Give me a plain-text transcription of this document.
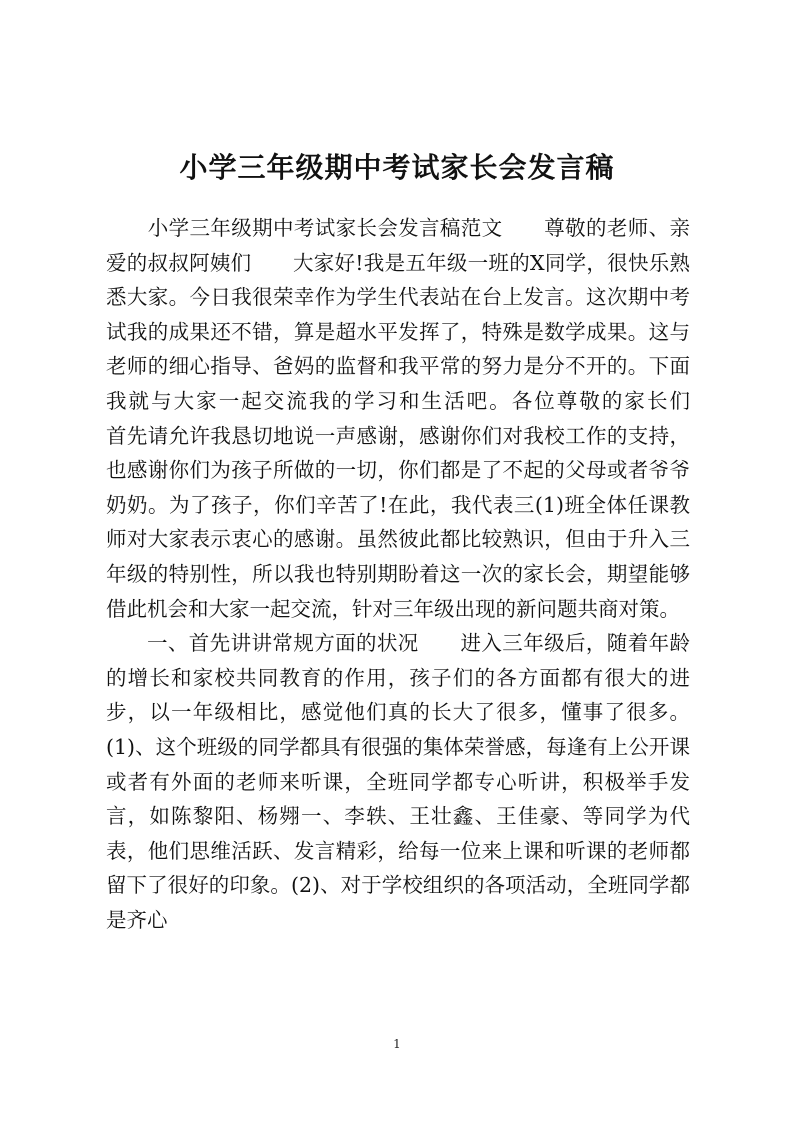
小学三年级期中考试家长会发言稿

　　小学三年级期中考试家长会发言稿范文　　尊敬的老师、亲爱的叔叔阿姨们　　大家好!我是五年级一班的X同学，很快乐熟悉大家。今日我很荣幸作为学生代表站在台上发言。这次期中考试我的成果还不错，算是超水平发挥了，特殊是数学成果。这与老师的细心指导、爸妈的监督和我平常的努力是分不开的。下面我就与大家一起交流我的学习和生活吧。各位尊敬的家长们　　首先请允许我恳切地说一声感谢，感谢你们对我校工作的支持，也感谢你们为孩子所做的一切，你们都是了不起的父母或者爷爷奶奶。为了孩子，你们辛苦了!在此，我代表三(1)班全体任课教师对大家表示衷心的感谢。虽然彼此都比较熟识，但由于升入三年级的特别性，所以我也特别期盼着这一次的家长会，期望能够借此机会和大家一起交流，针对三年级出现的新问题共商对策。

一、首先讲讲常规方面的状况　　进入三年级后，随着年龄的增长和家校共同教育的作用，孩子们的各方面都有很大的进步，以一年级相比，感觉他们真的长大了很多，懂事了很多。(1)、这个班级的同学都具有很强的集体荣誉感，每逢有上公开课或者有外面的老师来听课，全班同学都专心听讲，积极举手发言，如陈黎阳、杨翙一、李轶、王壮鑫、王佳豪、等同学为代表，他们思维活跃、发言精彩，给每一位来上课和听课的老师都留下了很好的印象。(2)、对于学校组织的各项活动，全班同学都是齐心

1
